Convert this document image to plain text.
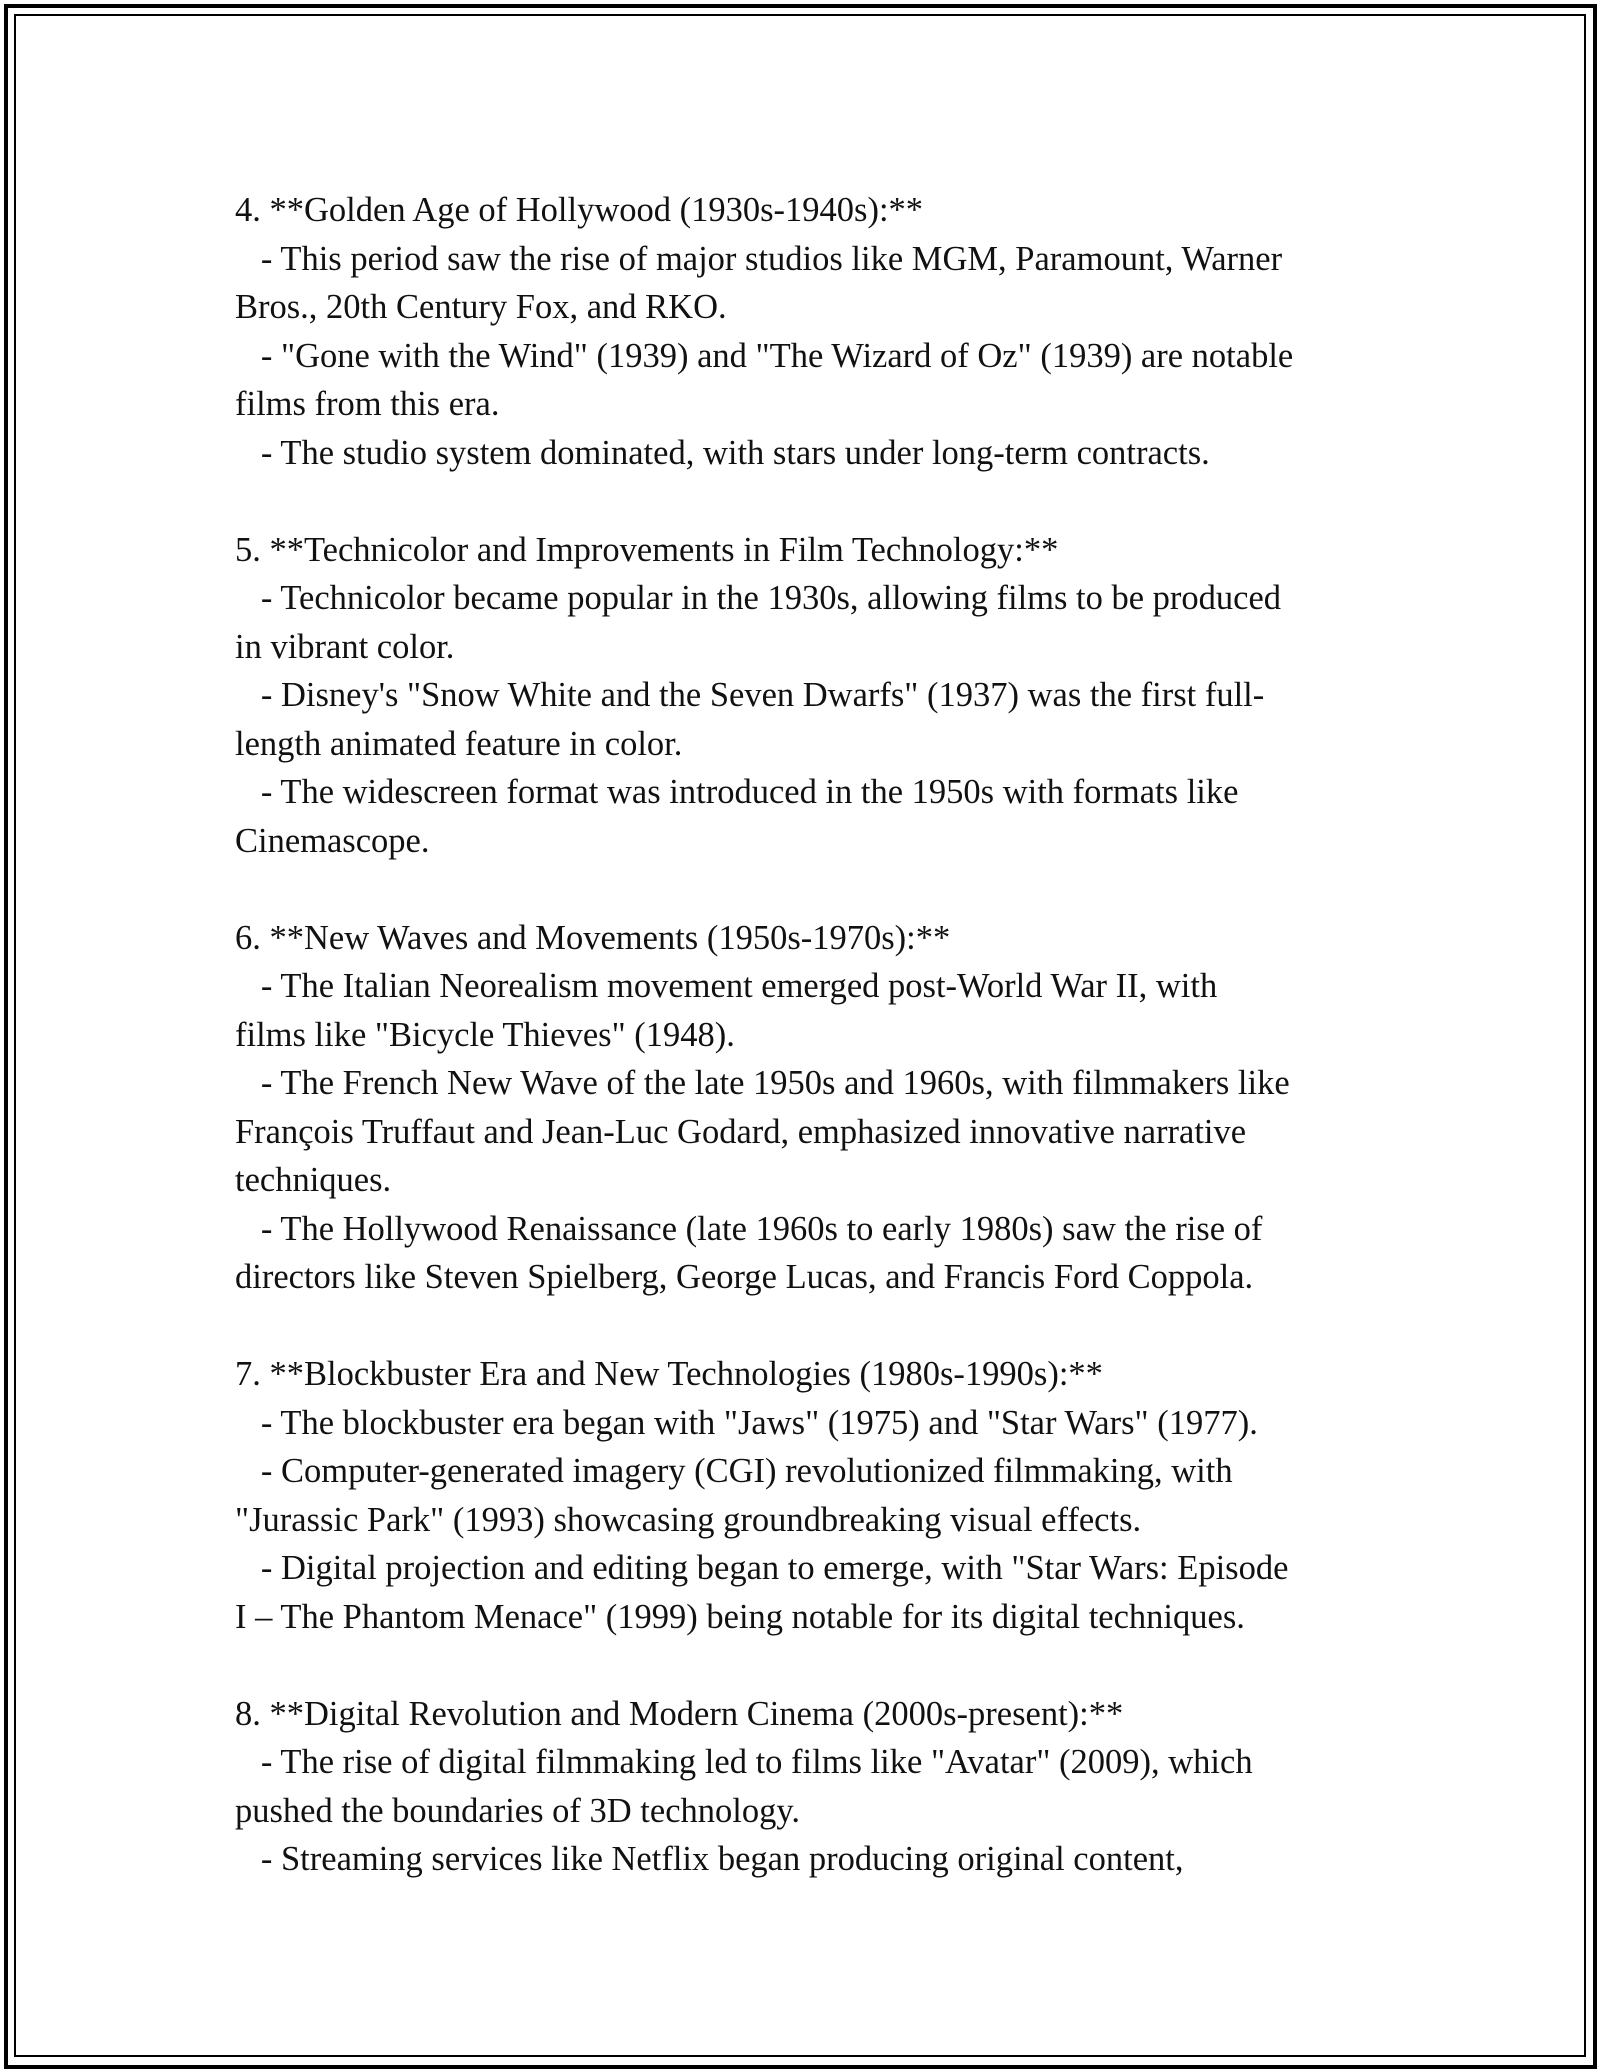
4. **Golden Age of Hollywood (1930s-1940s):**
- This period saw the rise of major studios like MGM, Paramount, Warner
Bros., 20th Century Fox, and RKO.
- "Gone with the Wind" (1939) and "The Wizard of Oz" (1939) are notable
films from this era.
- The studio system dominated, with stars under long-term contracts.
5. **Technicolor and Improvements in Film Technology:**
- Technicolor became popular in the 1930s, allowing films to be produced
in vibrant color.
- Disney's "Snow White and the Seven Dwarfs" (1937) was the first full-
length animated feature in color.
- The widescreen format was introduced in the 1950s with formats like
Cinemascope.
6. **New Waves and Movements (1950s-1970s):**
- The Italian Neorealism movement emerged post-World War II, with
films like "Bicycle Thieves" (1948).
- The French New Wave of the late 1950s and 1960s, with filmmakers like
François Truffaut and Jean-Luc Godard, emphasized innovative narrative
techniques.
- The Hollywood Renaissance (late 1960s to early 1980s) saw the rise of
directors like Steven Spielberg, George Lucas, and Francis Ford Coppola.
7. **Blockbuster Era and New Technologies (1980s-1990s):**
- The blockbuster era began with "Jaws" (1975) and "Star Wars" (1977).
- Computer-generated imagery (CGI) revolutionized filmmaking, with
"Jurassic Park" (1993) showcasing groundbreaking visual effects.
- Digital projection and editing began to emerge, with "Star Wars: Episode
I – The Phantom Menace" (1999) being notable for its digital techniques.
8. **Digital Revolution and Modern Cinema (2000s-present):**
- The rise of digital filmmaking led to films like "Avatar" (2009), which
pushed the boundaries of 3D technology.
- Streaming services like Netflix began producing original content,
